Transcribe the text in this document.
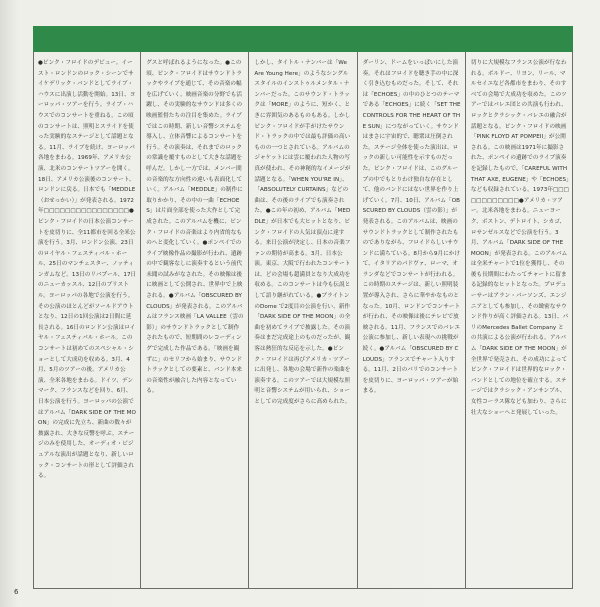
●ピンク・フロイドのデビュー。イースト・ロンドンのロック・シーンでサイケデリック・バンドとしてライブ・ハウスに出演し活動を開始。13日、ヨーロッパ・ツアーを行う。ライブ・ハウスでのコンサートを重ねる。この頃のコンサートは、照明とスライドを使った実験的なステージとして話題となる。11月、ライブを続け、ヨーロッパ各地をまわる。1969年、アメリカ公演、北米のコンサートツアーを開く。18日、アメリカ公演後のコンサート、ロンドンに戻る。日本でも「MEDDLE（おせっかい）」が発表される。1972年□□□□□□□□□□□□□□□□●ピンク・フロイドの日本公演コンサートを皮切りに、全11都市を回る全米公演を行う。3月、ロンドン公演、23日のロイヤル・フェスティバル・ホール、25日のマンチェスター、ノッティンガムなど。13日のリバプール、17日のニューカッスル、12日のブリストル。ヨーロッパの各地で公演を行う。その公演のほとんどがソールドアウトとなり、12日の1回公演は2日間に延長される。16日のロンドン公演はロイヤル・フェスティバル・ホール。このコンサートは初めてのスペシャル・ショーとして大成功を収める。3月、4月、5月のツアーの後、アメリカ公演、全米各地をまわる。ドイツ、デンマーク、フランスなどを回り、6月、日本公演を行う。ヨーロッパの公演ではアルバム「DARK SIDE OF THE MOON」の完成に先立ち、新曲の数々が披露され、大きな反響を呼ぶ。ステージのみを使用した、オーディオ・ビジュアルな演出が話題となり、新しいロック・コンサートの形として評価される。

グスと呼ばれるようになった。●この頃、ピンク・フロイドはサウンドトラックやライブを通じて、その音楽の幅を広げていく。映画音楽の分野でも活躍し、その実験的なサウンドは多くの映画監督たちの注目を集めた。ライブではこの時期、新しい音響システムを導入し、立体音響によるコンサートを行う。その演奏は、それまでのロックの常識を覆すものとして大きな話題を呼んだ。しかし一方では、メンバー間の音楽的な方向性の違いも表面化していく。アルバム「MEDDLE」の制作に取りかかり、その中の一曲「ECHOES」は片面全部を使った大作として完成された。このアルバムを機に、ピンク・フロイドの音楽はより内省的なものへと変化していく。●ポンペイでのライブ映像作品の撮影が行われ、遺跡の中で観客なしに演奏するという前代未聞の試みがなされた。その映像は後に映画として公開され、世界中で上映される。●アルバム「OBSCURED BY CLOUDS」が発表される。このアルバムはフランス映画「LA VALLEE（雲の影）」のサウンドトラックとして制作されたもので、短期間のレコーディングで完成した作品である。「映画を観ずに」のセリフから始まり、サウンドトラックとしての要素と、バンド本来の音楽性が融合した内容となっている。

しかし、タイトル・ナンバーは「We Are Young Here」のようなシングルスタイルのインストゥルメンタル・ナンバーだった。このサウンド・トラックは「MORE」のように、短かく、ときに雰囲気のあるものもある。しかしピンク・フロイドが手がけたサウンド・トラックの中では最も評価の高いものの一つとされている。アルバムのジャケットには雲に覆われた人物の写真が使われ、その神秘的なイメージが話題となる。「WHEN YOU'RE IN」、「ABSOLUTELY CURTAINS」などの曲は、その後のライブでも演奏された。●この年の初め、アルバム「MEDDLE」が日本でも大ヒットとなり、ピンク・フロイドの人気は頂点に達する。来日公演が決定し、日本の音楽ファンの期待が高まる。3月、日本公演。東京、大阪で行われたコンサートは、どの会場も超満員となり大成功を収める。このコンサートは今も伝説として語り継がれている。●ブライトンのDome で2度目の公演を行い、新作「DARK SIDE OF THE MOON」の全曲を初めてライブで披露した。その演奏はまだ完成途上のものだったが、観客は熱狂的な反応を示した。●ピンク・フロイドは再びアメリカ・ツアーに出発し、各地の会場で新作の楽曲を演奏する。このツアーでは大規模な照明と音響システムが用いられ、ショーとしての完成度がさらに高められた。

ダーリン、ドームをいっぱいにした演奏。それはフロイドを聴き手の中に深く引き込むものだった。そして、それは「ECHOES」の中のひとつのテーマである「ECHOES」に続く「SET THE CONTROLS FOR THE HEART OF THE SUN」につながっていく。サウンドはまさに宇宙的で、聴衆は圧倒された。ステージ全体を使った演出は、ロックの新しい可能性を示すものだった。ピンク・フロイドは、このグループの中でもとりわけ独自な存在として、他のバンドにはない世界を作り上げていく。7月、10日、アルバム「OBSCURED BY CLOUDS（雲の影）」が発表される。このアルバムは、映画のサウンドトラックとして制作されたものでありながら、フロイドらしいサウンドに満ちている。8月から9月にかけて、イタリアのパドヴァ、ローマ、オランダなどでコンサートが行われる。この時期のステージは、新しい照明装置が導入され、さらに華やかなものとなった。10月、ロンドンでコンサートが行われ、その映像は後にテレビで放映される。11月、フランスでのバレエ公演に参加し、新しい表現への挑戦が続く。●アルバム「OBSCURED BY CLOUDS」フランスでチャート入りする。11月、2日のパリでのコンサートを皮切りに、ヨーロッパ・ツアーが始まる。

切りに大規模なフランス公演が行なわれる。ボルドー、リヨン、リール、マルセイユなど各都市をまわり、そのすべての会場で大成功を収めた。このツアーではバレエ団との共演も行われ、ロックとクラシック・バレエの融合が話題となる。ピンク・フロイドの映画「PINK FLOYD AT POMPEII」が公開される。この映画は1971年に撮影された、ポンペイの遺跡でのライブ演奏を記録したもので、「CAREFUL WITH THAT AXE, EUGENE」や「ECHOES」なども収録されている。1973年□□□□□□□□□□□□●アメリカ・ツアー。北米各地をまわる。ニューヨーク、ボストン、デトロイト、シカゴ、ロサンゼルスなどで公演を行う。3月、アルバム「DARK SIDE OF THE MOON」が発表される。このアルバムは全米チャートで1位を獲得し、その後も長期間にわたってチャートに留まる記録的なヒットとなった。プロデューサーはアラン・パーソンズ、エンジニアとしても参加し、その緻密なサウンド作りが高く評価される。13日、パリのMercedes Ballet Company との共演による公演が行われる。アルバム「DARK SIDE OF THE MOON」が全世界で発売され、その成功によってピンク・フロイドは世界的なロック・バンドとしての地位を確立する。ステージではクラシック・アンサンブル、女性コーラス隊なども加わり、さらに壮大なショーへと発展していった。

6
